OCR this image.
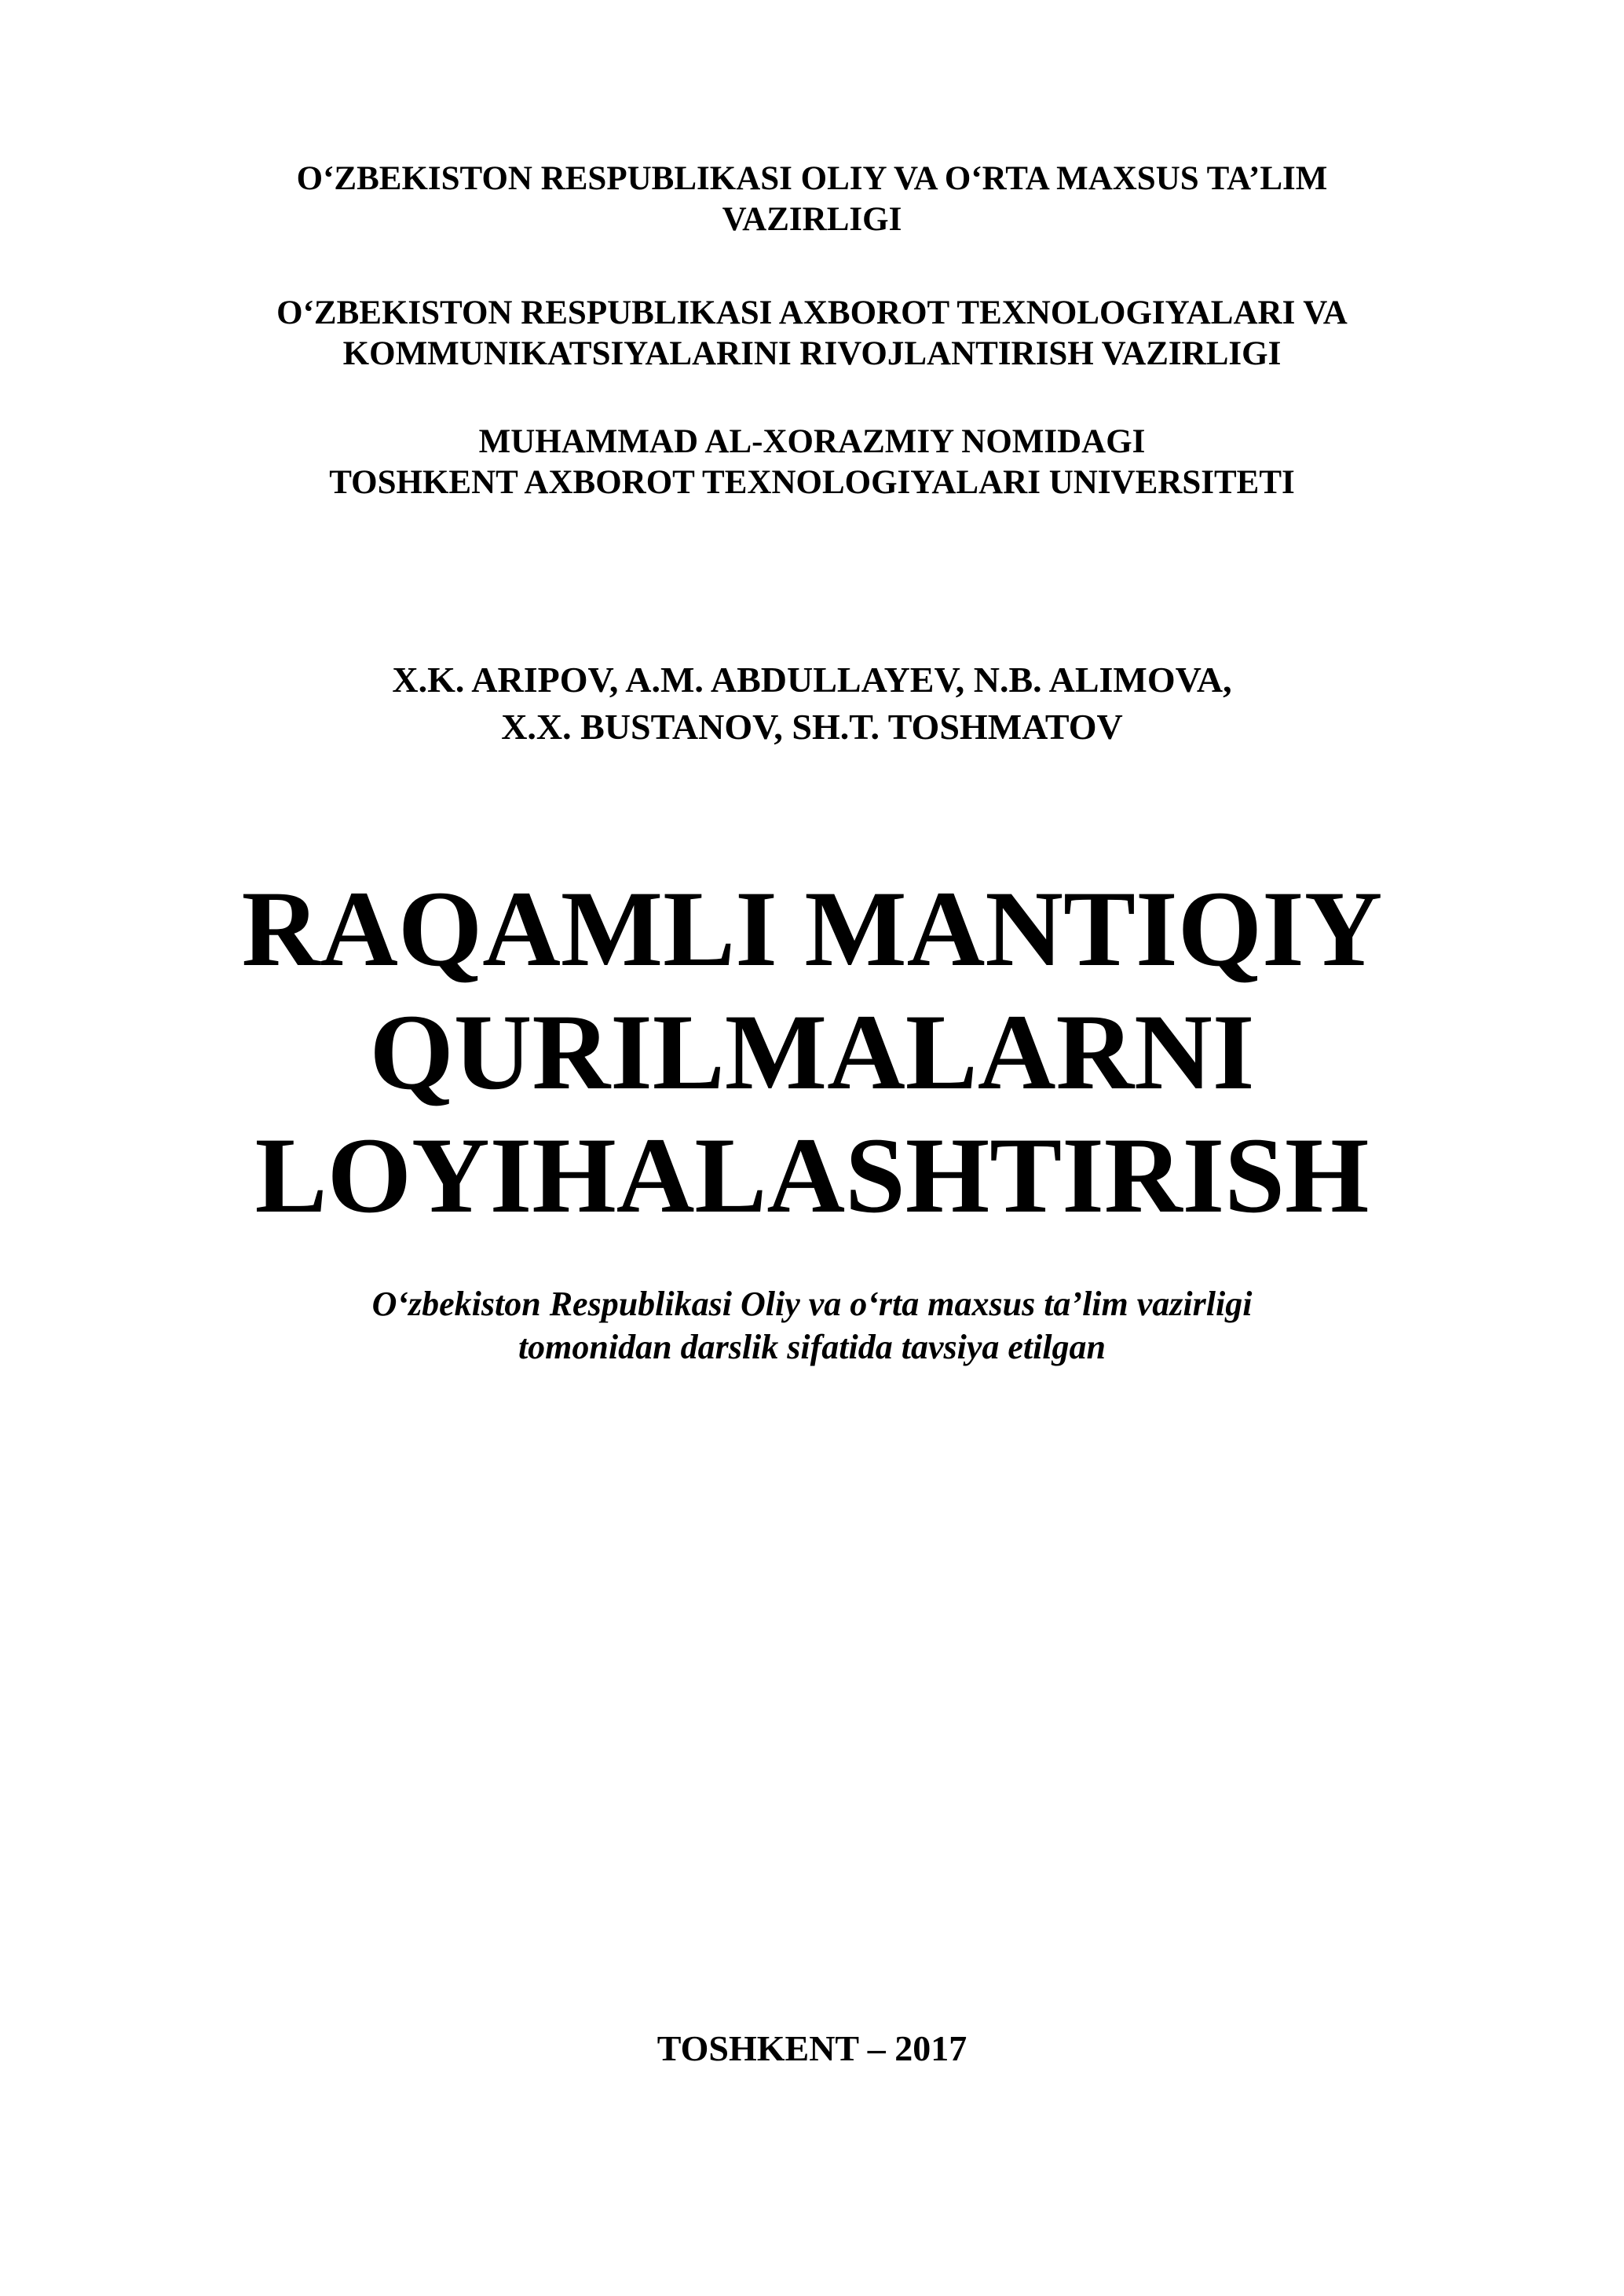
O‘ZBEKISTON RESPUBLIKASI OLIY VA O‘RTA MAXSUS TA’LIM
VAZIRLIGI
O‘ZBEKISTON RESPUBLIKASI AXBOROT TEXNOLOGIYALARI VA
KOMMUNIKATSIYALARINI RIVOJLANTIRISH VAZIRLIGI
MUHAMMAD AL-XORAZMIY NOMIDAGI
TOSHKENT AXBOROT TEXNOLOGIYALARI UNIVERSITETI
X.K. ARIPOV, A.M. ABDULLAYEV, N.B. ALIMOVA,
X.X. BUSTANOV, SH.T. TOSHMATOV
RAQAMLI MANTIQIY
QURILMALARNI
LOYIHALASHTIRISH
O‘zbekiston Respublikasi Oliy va o‘rta maxsus ta’lim vazirligi
tomonidan darslik sifatida tavsiya etilgan
TOSHKENT – 2017
